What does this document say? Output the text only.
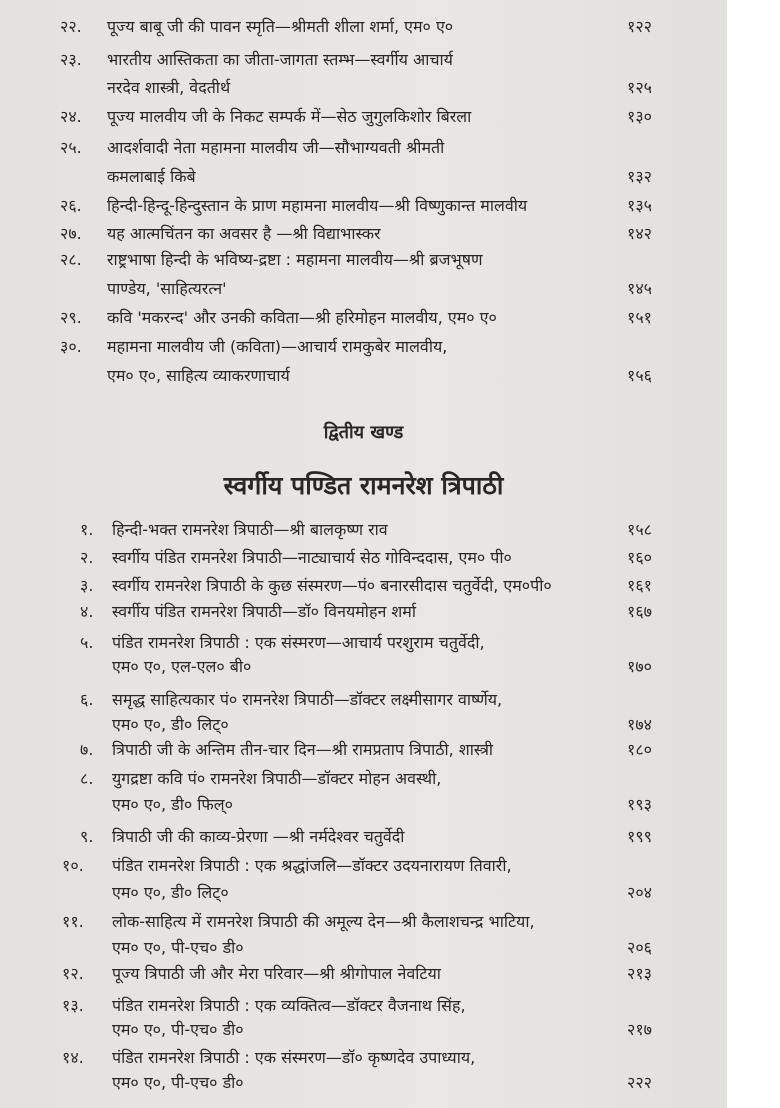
२२. पूज्य बाबू जी की पावन स्मृति—श्रीमती शीला शर्मा, एम० ए०	१२२
२३. भारतीय आस्तिकता का जीता-जागता स्तम्भ—स्वर्गीय आचार्य
नरदेव शास्त्री, वेदतीर्थ	१२५
२४. पूज्य मालवीय जी के निकट सम्पर्क में—सेठ जुगुलकिशोर बिरला	१३०
२५. आदर्शवादी नेता महामना मालवीय जी—सौभाग्यवती श्रीमती
कमलाबाई किबे	१३२
२६. हिन्दी-हिन्दू-हिन्दुस्तान के प्राण महामना मालवीय—श्री विष्णुकान्त मालवीय	१३५
२७. यह आत्मचिंतन का अवसर है —श्री विद्याभास्कर	१४२
२८. राष्ट्रभाषा हिन्दी के भविष्य-द्रष्टा : महामना मालवीय—श्री ब्रजभूषण
पाण्डेय, 'साहित्यरत्न'	१४५
२९. कवि 'मकरन्द' और उनकी कविता—श्री हरिमोहन मालवीय, एम० ए०	१५१
३०. महामना मालवीय जी (कविता)—आचार्य रामकुबेर मालवीय,
एम० ए०, साहित्य व्याकरणाचार्य	१५६
द्वितीय खण्ड
स्वर्गीय पण्डित रामनरेश त्रिपाठी
१. हिन्दी-भक्त रामनरेश त्रिपाठी—श्री बालकृष्ण राव	१५८
२. स्वर्गीय पंडित रामनरेश त्रिपाठी—नाट्याचार्य सेठ गोविन्ददास, एम० पी०	१६०
३. स्वर्गीय रामनरेश त्रिपाठी के कुछ संस्मरण—पं० बनारसीदास चतुर्वेदी, एम०पी०	१६१
४. स्वर्गीय पंडित रामनरेश त्रिपाठी—डॉ० विनयमोहन शर्मा	१६७
५. पंडित रामनरेश त्रिपाठी : एक संस्मरण—आचार्य परशुराम चतुर्वेदी,
एम० ए०, एल-एल० बी०	१७०
६. समृद्ध साहित्यकार पं० रामनरेश त्रिपाठी—डॉक्टर लक्ष्मीसागर वार्ष्णेय,
एम० ए०, डी० लिट्०	१७४
७. त्रिपाठी जी के अन्तिम तीन-चार दिन—श्री रामप्रताप त्रिपाठी, शास्त्री	१८०
८. युगद्रष्टा कवि पं० रामनरेश त्रिपाठी—डॉक्टर मोहन अवस्थी,
एम० ए०, डी० फिल्०	१९३
९. त्रिपाठी जी की काव्य-प्रेरणा —श्री नर्मदेश्वर चतुर्वेदी	१९९
१०. पंडित रामनरेश त्रिपाठी : एक श्रद्धांजलि—डॉक्टर उदयनारायण तिवारी,
एम० ए०, डी० लिट्०	२०४
११. लोक-साहित्य में रामनरेश त्रिपाठी की अमूल्य देन—श्री कैलाशचन्द्र भाटिया,
एम० ए०, पी-एच० डी०	२०६
१२. पूज्य त्रिपाठी जी और मेरा परिवार—श्री श्रीगोपाल नेवटिया	२१३
१३. पंडित रामनरेश त्रिपाठी : एक व्यक्तित्व—डॉक्टर वैजनाथ सिंह,
एम० ए०, पी-एच० डी०	२१७
१४. पंडित रामनरेश त्रिपाठी : एक संस्मरण—डॉ० कृष्णदेव उपाध्याय,
एम० ए०, पी-एच० डी०	२२२
